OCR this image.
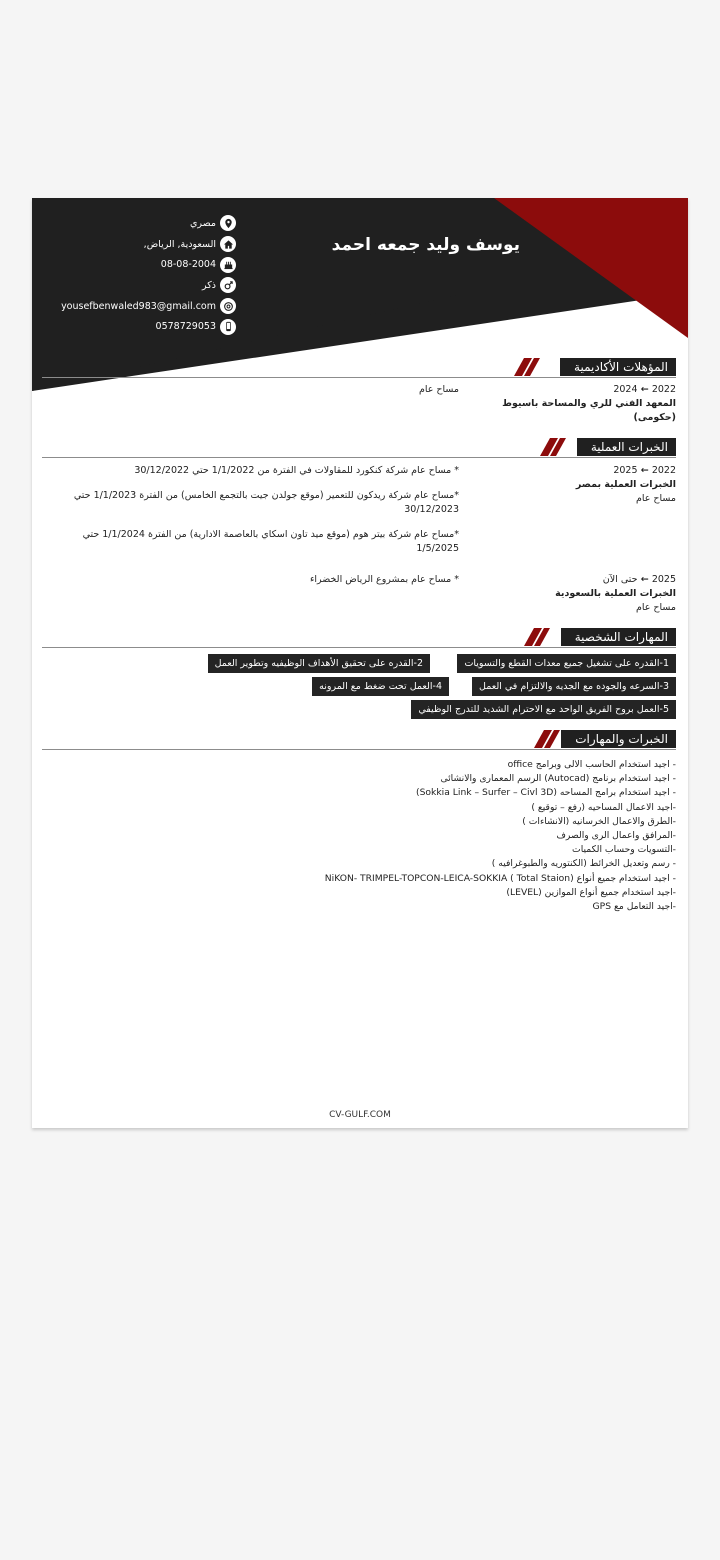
يوسف وليد جمعه احمد
مصري
السعودية, الرياض,
08-08-2004
ذكر
yousefbenwaled983@gmail.com
0578729053
المؤهلات الأكاديمية
2022 ← 2024
المعهد الفني للري والمساحة باسيوط (حكومى)
مساح عام
الخبرات العملية
2022 ← 2025
الخبرات العملية بمصر
مساح عام
* مساح عام شركة كنكورد للمقاولات في الفترة من 1/1/2022 حتي 30/12/2022
*مساح عام شركة ريدكون للتعمير (موقع جولدن جيت بالتجمع الخامس) من الفترة 1/1/2023 حتي 30/12/2023
*مساح عام شركة بيتر هوم (موقع ميد تاون اسكاي بالعاصمة الادارية) من الفترة 1/1/2024 حتي 1/5/2025
2025 ← حتى الآن
الخبرات العملية بالسعودية
مساح عام
* مساح عام بمشروع الرياض الخضراء
المهارات الشخصية
1-القدره على تشغيل جميع معدات القطع والتسويات
2-القدره على تحقيق الأهداف الوظيفيه وتطوير العمل
3-السرعه والجوده مع الجديه والالتزام في العمل
4-العمل تحت ضغط مع المرونه
5-العمل بروح الفريق الواحد مع الاحترام الشديد للتدرج الوظيفي
الخبرات والمهارات
- اجيد استخدام الحاسب الالى وبرامج office
- اجيد استخدام برنامج (Autocad) الرسم المعمارى والانشائى
- اجيد استخدام برامج المساحه (Sokkia Link – Surfer – Civl 3D)
-اجيد الاعمال المساحيه (رفع – توقيع )
-الطرق والاعمال الخرسانيه (الانشاءات )
-المرافق واعمال الرى والصرف
-التسويات وحساب الكميات
- رسم وتعديل الخرائط (الكنتوريه والطبوغرافيه )
- اجيد استخدام جميع أنواع (Total Staion ) NiKON- TRIMPEL-TOPCON-LEICA-SOKKIA
-اجيد استخدام جميع أنواع الموازين (LEVEL)
-اجيد التعامل مع GPS
CV-GULF.COM
